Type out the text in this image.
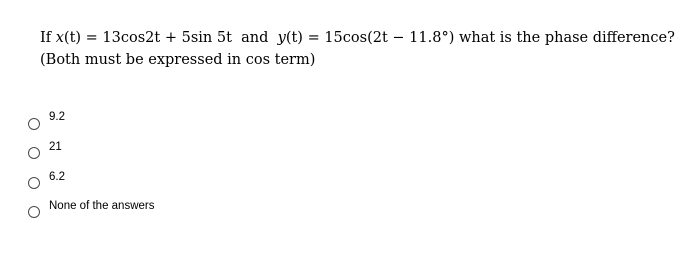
If x(t) = 13cos2t + 5sin 5t  and  y(t) = 15cos(2t − 11.8°) what is the phase difference?
(Both must be expressed in cos term)
9.2
21
6.2
None of the answers
